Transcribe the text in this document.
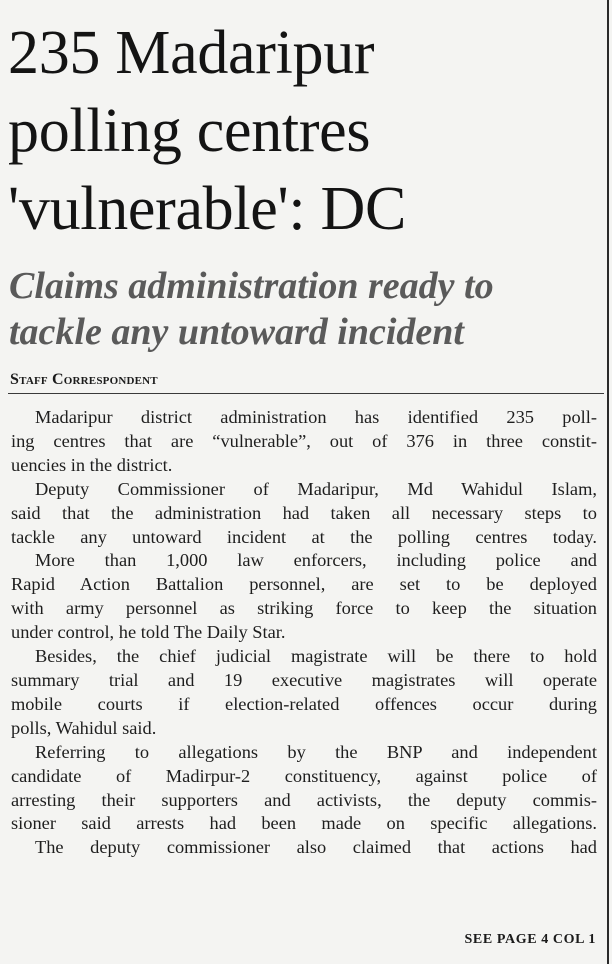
235 Madaripur
polling centres
'vulnerable': DC
Claims administration ready to
tackle any untoward incident
Staff Correspondent
Madaripur district administration has identified 235 poll-
ing centres that are “vulnerable”, out of 376 in three constit-
uencies in the district.
Deputy Commissioner of Madaripur, Md Wahidul Islam,
said that the administration had taken all necessary steps to
tackle any untoward incident at the polling centres today.
More than 1,000 law enforcers, including police and
Rapid Action Battalion personnel, are set to be deployed
with army personnel as striking force to keep the situation
under control, he told The Daily Star.
Besides, the chief judicial magistrate will be there to hold
summary trial and 19 executive magistrates will operate
mobile courts if election-related offences occur during
polls, Wahidul said.
Referring to allegations by the BNP and independent
candidate of Madirpur-2 constituency, against police of
arresting their supporters and activists, the deputy commis-
sioner said arrests had been made on specific allegations.
The deputy commissioner also claimed that actions had
SEE PAGE 4 COL 1
